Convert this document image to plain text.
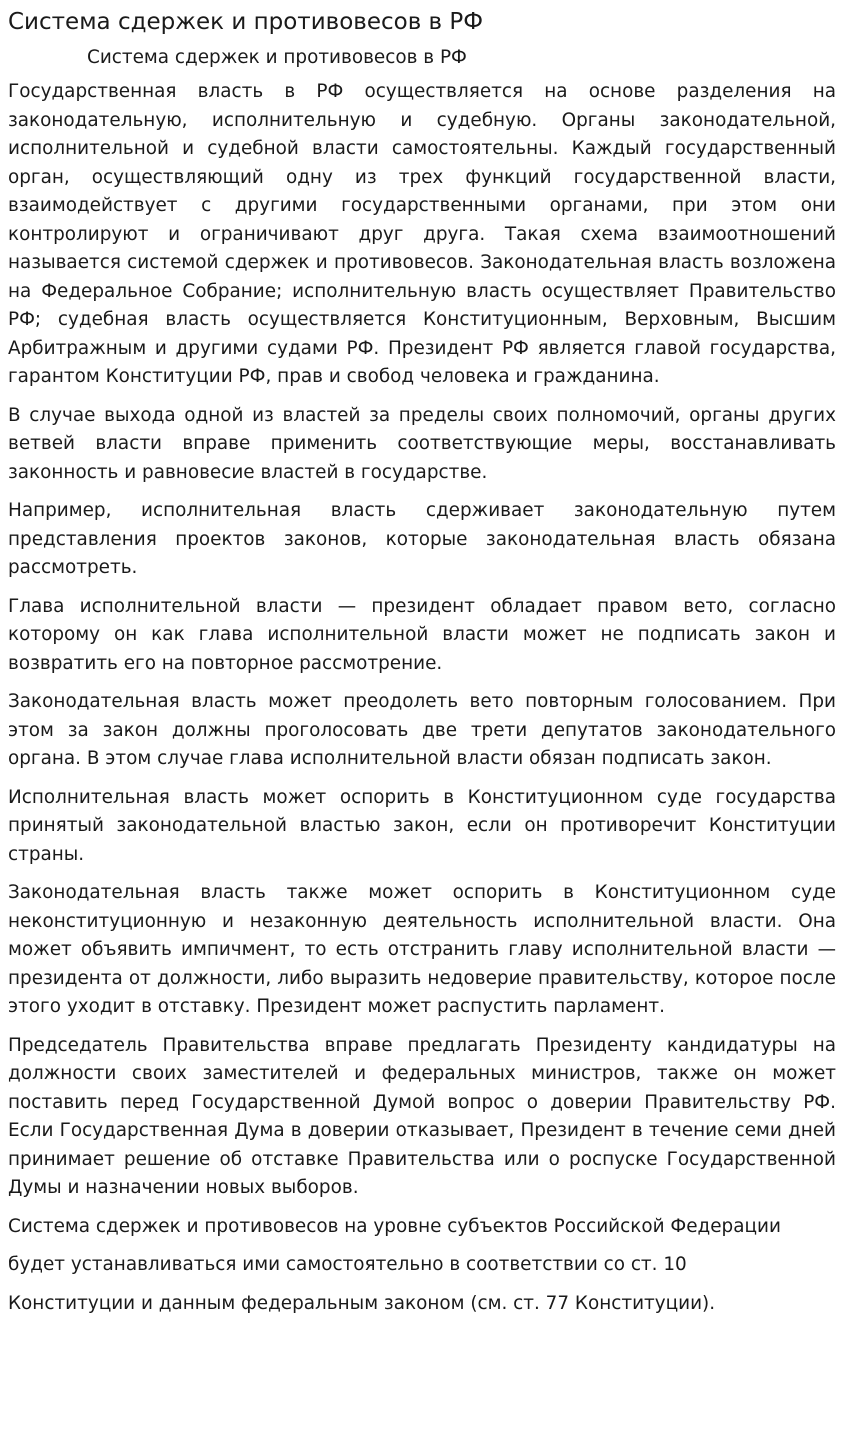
Система сдержек и противовесов в РФ
Система сдержек и противовесов в РФ

Государственная власть в РФ осуществляется на основе разделения на законодательную, исполнительную и судебную. Органы законодательной, исполнительной и судебной власти самостоятельны. Каждый государственный орган, осуществляющий одну из трех функций государственной власти, взаимодействует с другими государственными органами, при этом они контролируют и ограничивают друг друга. Такая схема взаимоотношений называется системой сдержек и противовесов. Законодательная власть возложена на Федеральное Собрание; исполнительную власть осуществляет Правительство РФ; судебная власть осуществляется Конституционным, Верховным, Высшим Арбитражным и другими судами РФ. Президент РФ является главой государства, гарантом Конституции РФ, прав и свобод человека и гражданина.

В случае выхода одной из властей за пределы своих полномочий, органы других ветвей власти вправе применить соответствующие меры, восстанавливать законность и равновесие властей в государстве.

Например, исполнительная власть сдерживает законодательную путем представления проектов законов, которые законодательная власть обязана рассмотреть.

Глава исполнительной власти — президент обладает правом вето, согласно которому он как глава исполнительной власти может не подписать закон и возвратить его на повторное рассмотрение.

Законодательная власть может преодолеть вето повторным голосованием. При этом за закон должны проголосовать две трети депутатов законодательного органа. В этом случае глава исполнительной власти обязан подписать закон.

Исполнительная власть может оспорить в Конституционном суде государства принятый законодательной властью закон, если он противоречит Конституции страны.

Законодательная власть также может оспорить в Конституционном суде неконституционную и незаконную деятельность исполнительной власти. Она может объявить импичмент, то есть отстранить главу исполнительной власти — президента от должности, либо выразить недоверие правительству, которое после этого уходит в отставку. Президент может распустить парламент.

Председатель Правительства вправе предлагать Президенту кандидатуры на должности своих заместителей и федеральных министров, также он может поставить перед Государственной Думой вопрос о доверии Правительству РФ. Если Государственная Дума в доверии отказывает, Президент в течение семи дней принимает решение об отставке Правительства или о роспуске Государственной Думы и назначении новых выборов.

Система сдержек и противовесов на уровне субъектов Российской Федерации

будет устанавливаться ими самостоятельно в соответствии со ст. 10

Конституции и данным федеральным законом (см. ст. 77 Конституции).
